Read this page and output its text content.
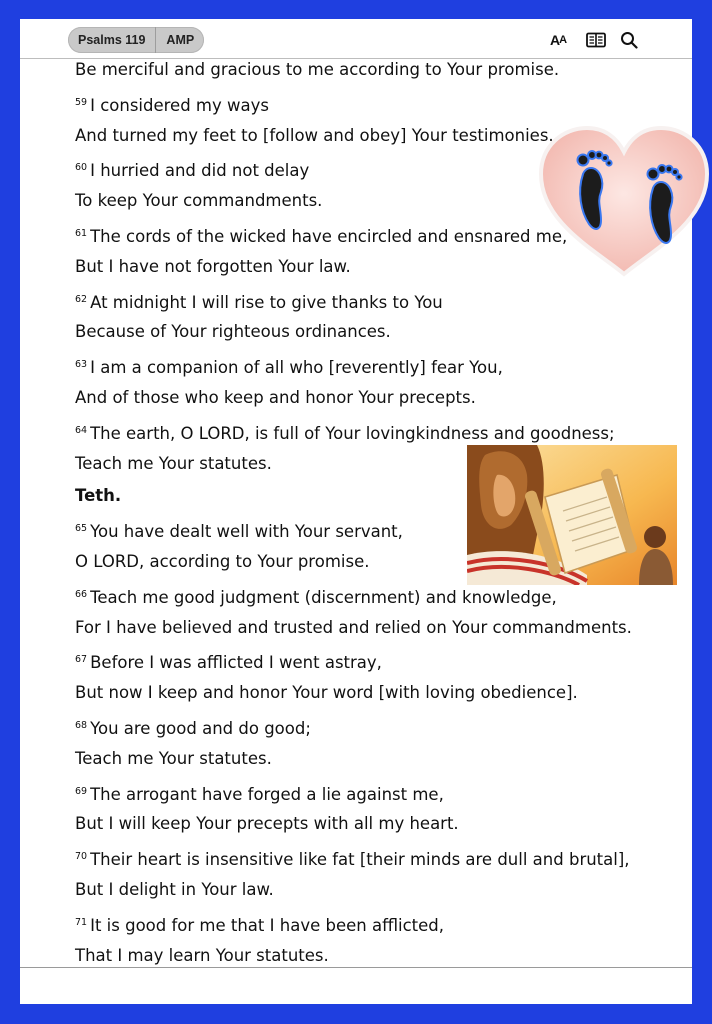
Psalms 119	AMP	A A
Be merciful and gracious to me according to Your promise.
$^{59}$ I considered my ways
And turned my feet to [follow and obey] Your testimonies.
$^{60}$ I hurried and did not delay
To keep Your commandments.
$^{61}$ The cords of the wicked have encircled and ensnared me,
But I have not forgotten Your law.
$^{62}$ At midnight I will rise to give thanks to You
Because of Your righteous ordinances.
$^{63}$ I am a companion of all who [reverently] fear You,
And of those who keep and honor Your precepts.
$^{64}$ The earth, O LORD, is full of Your lovingkindness and goodness;
Teach me Your statutes.
Teth.
$^{65}$ You have dealt well with Your servant,
O LORD, according to Your promise.
$^{66}$ Teach me good judgment (discernment) and knowledge,
For I have believed and trusted and relied on Your commandments.
$^{67}$ Before I was afflicted I went astray,
But now I keep and honor Your word [with loving obedience].
$^{68}$ You are good and do good;
Teach me Your statutes.
$^{69}$ The arrogant have forged a lie against me,
But I will keep Your precepts with all my heart.
$^{70}$ Their heart is insensitive like fat [their minds are dull and brutal],
But I delight in Your law.
$^{71}$ It is good for me that I have been afflicted,
That I may learn Your statutes.
